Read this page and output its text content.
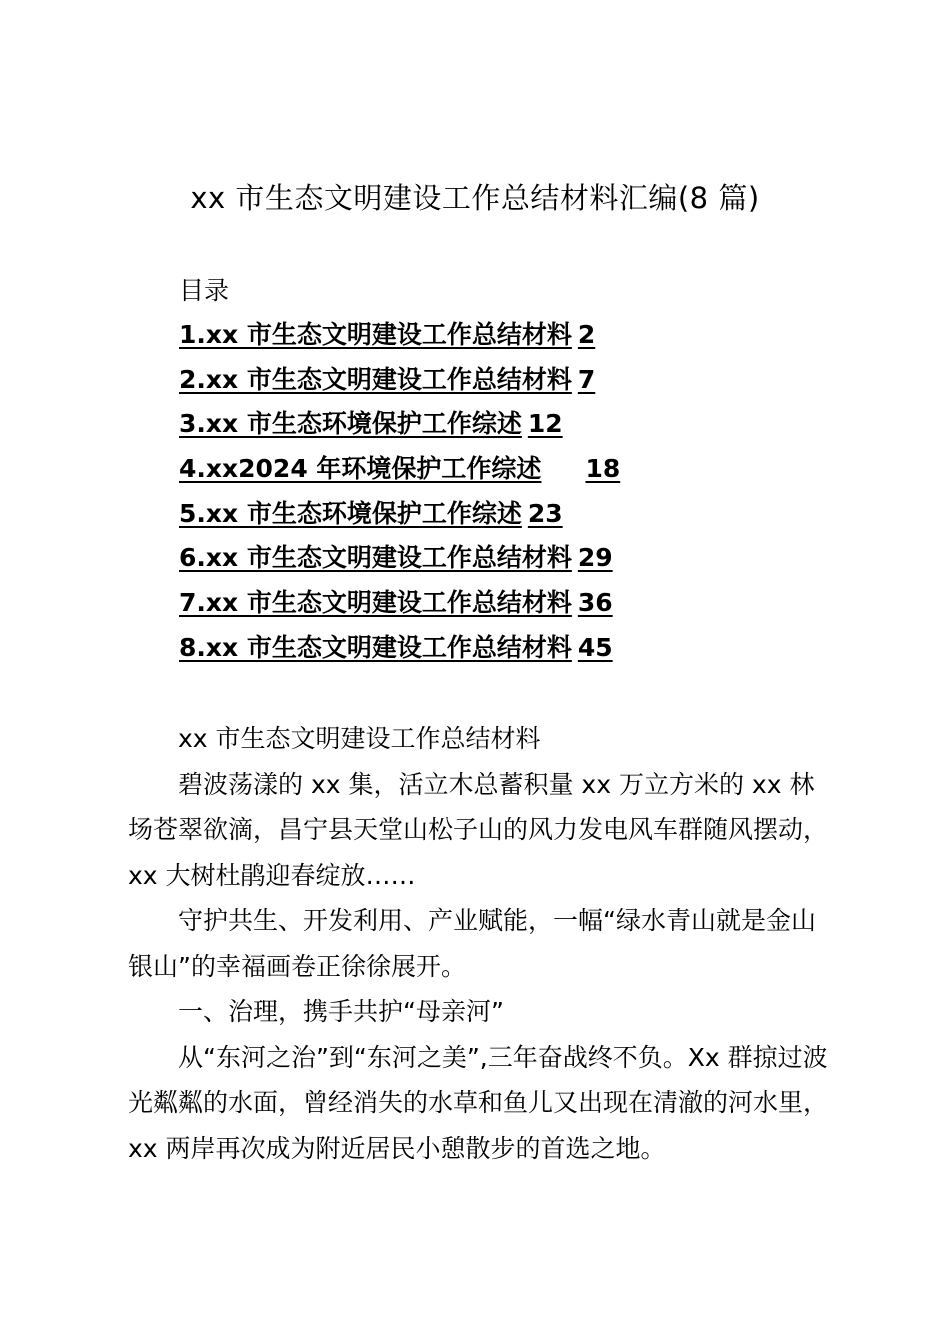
xx 市生态文明建设工作总结材料汇编(8 篇)
目录
1.xx 市生态文明建设工作总结材料 2
2.xx 市生态文明建设工作总结材料 7
3.xx 市生态环境保护工作综述 12
4.xx2024 年环境保护工作综述 18
5.xx 市生态环境保护工作综述 23
6.xx 市生态文明建设工作总结材料 29
7.xx 市生态文明建设工作总结材料 36
8.xx 市生态文明建设工作总结材料 45

xx 市生态文明建设工作总结材料

碧波荡漾的 xx 集，活立木总蓄积量 xx 万立方米的 xx 林场苍翠欲滴，昌宁县天堂山松子山的风力发电风车群随风摆动，xx 大树杜鹃迎春绽放……

守护共生、开发利用、产业赋能，一幅“绿水青山就是金山银山”的幸福画卷正徐徐展开。

一、治理，携手共护“母亲河”

从“东河之治”到“东河之美”,三年奋战终不负。Xx 群掠过波光粼粼的水面，曾经消失的水草和鱼儿又出现在清澈的河水里，xx 两岸再次成为附近居民小憩散步的首选之地。
